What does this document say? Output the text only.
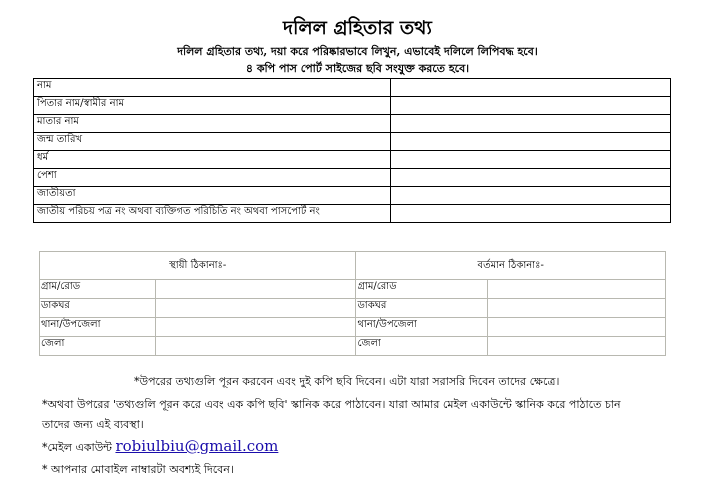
দলিল গ্রহিতার তথ্য
দলিল গ্রহিতার তথ্য, দয়া করে পরিষ্কারভাবে লিখুন, এভাবেই দলিলে লিপিবদ্ধ হবে।
৪ কপি পাস পোর্ট সাইজের ছবি সংযুক্ত করতে হবে।
নাম	
পিতার নাম/স্বামীর নাম	
মাতার নাম	
জন্ম তারিখ	
ধর্ম	
পেশা	
জাতীয়তা	
জাতীয় পরিচয় পত্র নং অথবা ব্যক্তিগত পরিচিতি নং অথবা পাসপোর্ট নং	
স্থায়ী ঠিকানাঃ-		বর্তমান ঠিকানাঃ-	
গ্রাম/রোড		গ্রাম/রোড	
ডাকঘর		ডাকঘর	
থানা/উপজেলা		থানা/উপজেলা	
জেলা		জেলা	
*উপরের তথ্যগুলি পূরন করবেন এবং দুই কপি ছবি দিবেন। এটা যারা সরাসরি দিবেন তাদের ক্ষেত্রে।
*অথবা উপরের 'তথ্যগুলি পূরন করে এবং এক কপি ছবি' স্কানিক করে পাঠাবেন। যারা আমার মেইল একাউন্টে স্কানিক করে পাঠাতে চান
তাদের জন্য এই ব্যবস্থা।
*মেইল একাউন্ট robiulbiu@gmail.com
* আপনার মোবাইল নাম্বারটা অবশ্যই দিবেন।
